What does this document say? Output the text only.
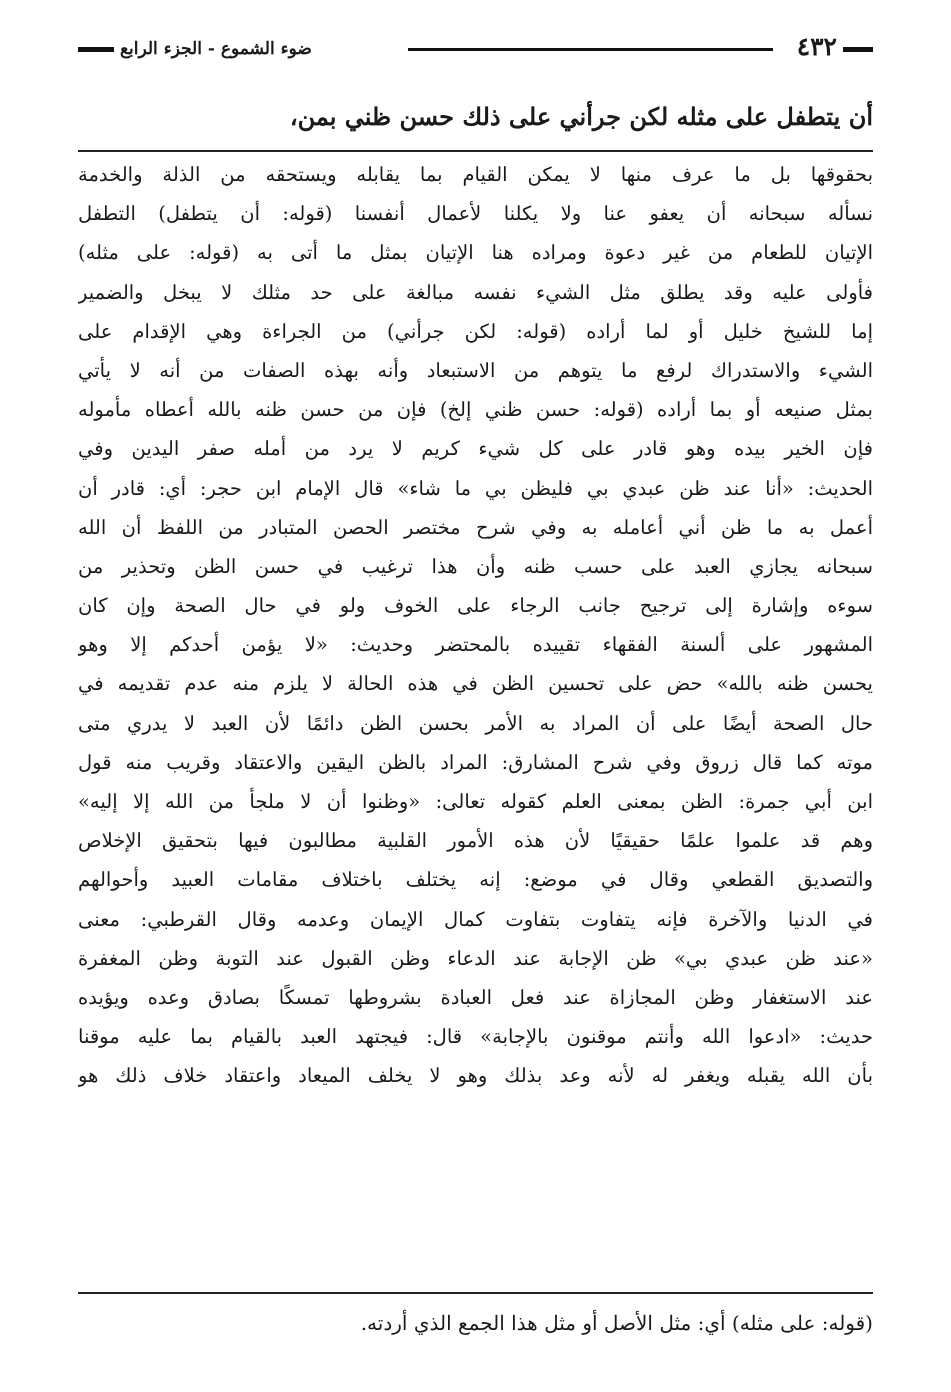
٤٣٢
ضوء الشموع - الجزء الرابع
أن يتطفل على مثله لكن جرأني على ذلك حسن ظني بمن،
بحقوقها بل ما عرف منها لا يمكن القيام بما يقابله ويستحقه من الذلة والخدمة
نسأله سبحانه أن يعفو عنا ولا يكلنا لأعمال أنفسنا (قوله: أن يتطفل) التطفل
الإتيان للطعام من غير دعوة ومراده هنا الإتيان بمثل ما أتى به (قوله: على مثله)
فأولى عليه وقد يطلق مثل الشيء نفسه مبالغة على حد مثلك لا يبخل والضمير
إما للشيخ خليل أو لما أراده (قوله: لكن جرأني) من الجراءة وهي الإقدام على
الشيء والاستدراك لرفع ما يتوهم من الاستبعاد وأنه بهذه الصفات من أنه لا يأتي
بمثل صنيعه أو بما أراده (قوله: حسن ظني إلخ) فإن من حسن ظنه بالله أعطاه مأموله
فإن الخير بيده وهو قادر على كل شيء كريم لا يرد من أمله صفر اليدين وفي
الحديث: «أنا عند ظن عبدي بي فليظن بي ما شاء» قال الإمام ابن حجر: أي: قادر أن
أعمل به ما ظن أني أعامله به وفي شرح مختصر الحصن المتبادر من اللفظ أن الله
سبحانه يجازي العبد على حسب ظنه وأن هذا ترغيب في حسن الظن وتحذير من
سوءه وإشارة إلى ترجيح جانب الرجاء على الخوف ولو في حال الصحة وإن كان
المشهور على ألسنة الفقهاء تقييده بالمحتضر وحديث: «لا يؤمن أحدكم إلا وهو
يحسن ظنه بالله» حض على تحسين الظن في هذه الحالة لا يلزم منه عدم تقديمه في
حال الصحة أيضًا على أن المراد به الأمر بحسن الظن دائمًا لأن العبد لا يدري متى
موته كما قال زروق وفي شرح المشارق: المراد بالظن اليقين والاعتقاد وقريب منه قول
ابن أبي جمرة: الظن بمعنى العلم كقوله تعالى: «وظنوا أن لا ملجأ من الله إلا إليه»
وهم قد علموا علمًا حقيقيًا لأن هذه الأمور القلبية مطالبون فيها بتحقيق الإخلاص
والتصديق القطعي وقال في موضع: إنه يختلف باختلاف مقامات العبيد وأحوالهم
في الدنيا والآخرة فإنه يتفاوت بتفاوت كمال الإيمان وعدمه وقال القرطبي: معنى
«عند ظن عبدي بي» ظن الإجابة عند الدعاء وظن القبول عند التوبة وظن المغفرة
عند الاستغفار وظن المجازاة عند فعل العبادة بشروطها تمسكًا بصادق وعده ويؤيده
حديث: «ادعوا الله وأنتم موقنون بالإجابة» قال: فيجتهد العبد بالقيام بما عليه موقنا
بأن الله يقبله ويغفر له لأنه وعد بذلك وهو لا يخلف الميعاد واعتقاد خلاف ذلك هو
(قوله: على مثله) أي: مثل الأصل أو مثل هذا الجمع الذي أردته.
